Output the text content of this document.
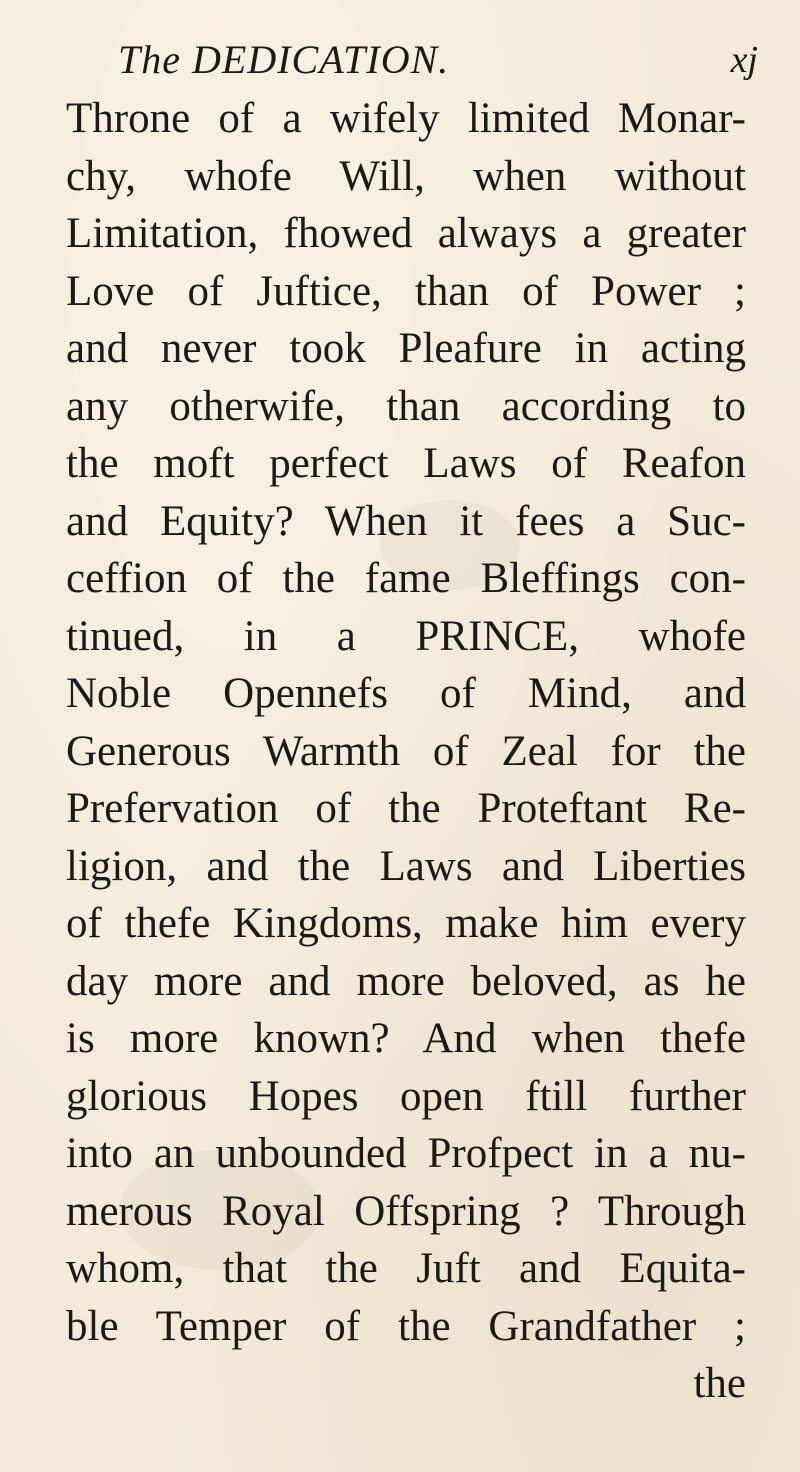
The DEDICATION.	xj
Throne of a wifely limited Monar-
chy, whofe Will, when without
Limitation, fhowed always a greater
Love of Juftice, than of Power ;
and never took Pleafure in acting
any otherwife, than according to
the moft perfect Laws of Reafon
and Equity? When it fees a Suc-
ceffion of the fame Bleffings con-
tinued, in a PRINCE, whofe
Noble Opennefs of Mind, and
Generous Warmth of Zeal for the
Prefervation of the Proteftant Re-
ligion, and the Laws and Liberties
of thefe Kingdoms, make him every
day more and more beloved, as he
is more known? And when thefe
glorious Hopes open ftill further
into an unbounded Profpect in a nu-
merous Royal Offspring ? Through
whom, that the Juft and Equita-
ble Temper of the Grandfather ;
the
